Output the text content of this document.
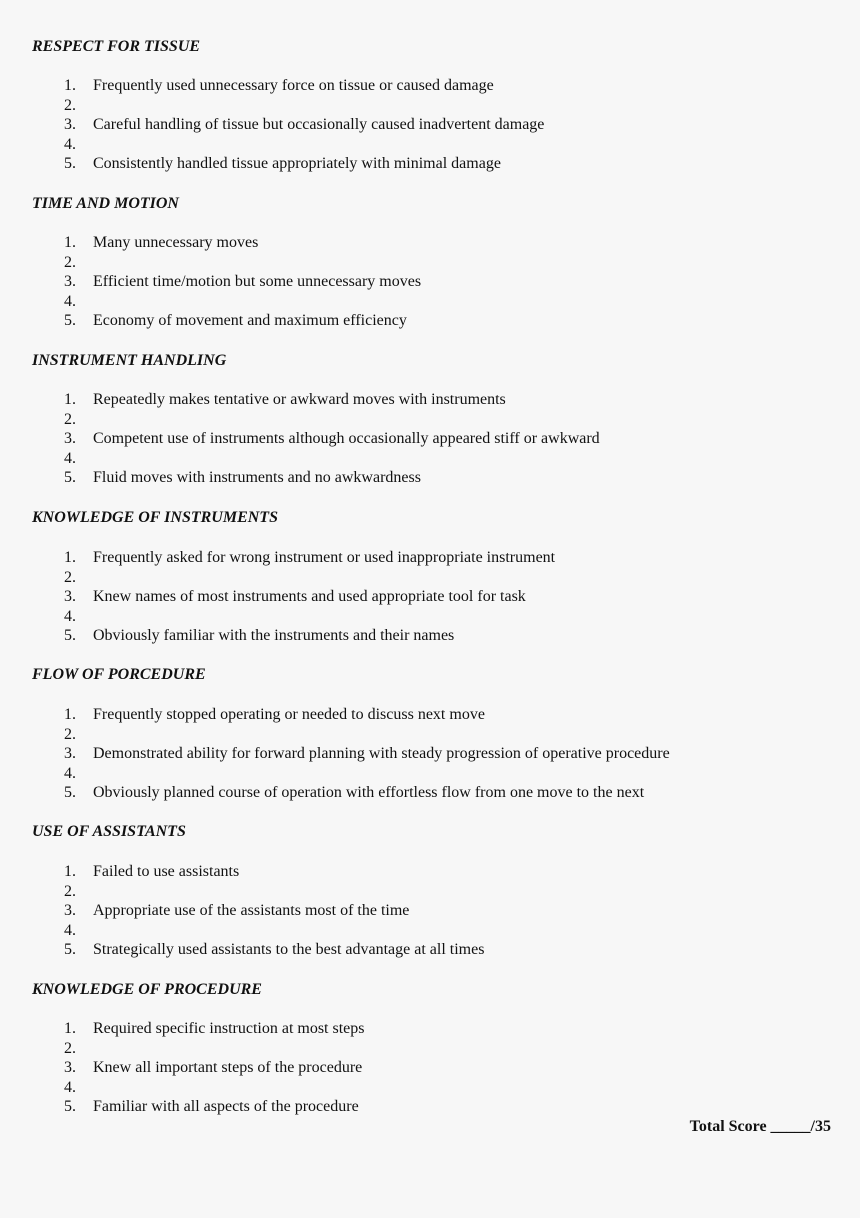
RESPECT FOR TISSUE
1. Frequently used unnecessary force on tissue or caused damage
2.
3. Careful handling of tissue but occasionally caused inadvertent damage
4.
5. Consistently handled tissue appropriately with minimal damage
TIME AND MOTION
1. Many unnecessary moves
2.
3. Efficient time/motion but some unnecessary moves
4.
5. Economy of movement and maximum efficiency
INSTRUMENT HANDLING
1. Repeatedly makes tentative or awkward moves with instruments
2.
3. Competent use of instruments although occasionally appeared stiff or awkward
4.
5. Fluid moves with instruments and no awkwardness
KNOWLEDGE OF INSTRUMENTS
1. Frequently asked for wrong instrument or used inappropriate instrument
2.
3. Knew names of most instruments and used appropriate tool for task
4.
5. Obviously familiar with the instruments and their names
FLOW OF PORCEDURE
1. Frequently stopped operating or needed to discuss next move
2.
3. Demonstrated ability for forward planning with steady progression of operative procedure
4.
5. Obviously planned course of operation with effortless flow from one move to the next
USE OF ASSISTANTS
1. Failed to use assistants
2.
3. Appropriate use of the assistants most of the time
4.
5. Strategically used assistants to the best advantage at all times
KNOWLEDGE OF PROCEDURE
1. Required specific instruction at most steps
2.
3. Knew all important steps of the procedure
4.
5. Familiar with all aspects of the procedure
Total Score _____/35
